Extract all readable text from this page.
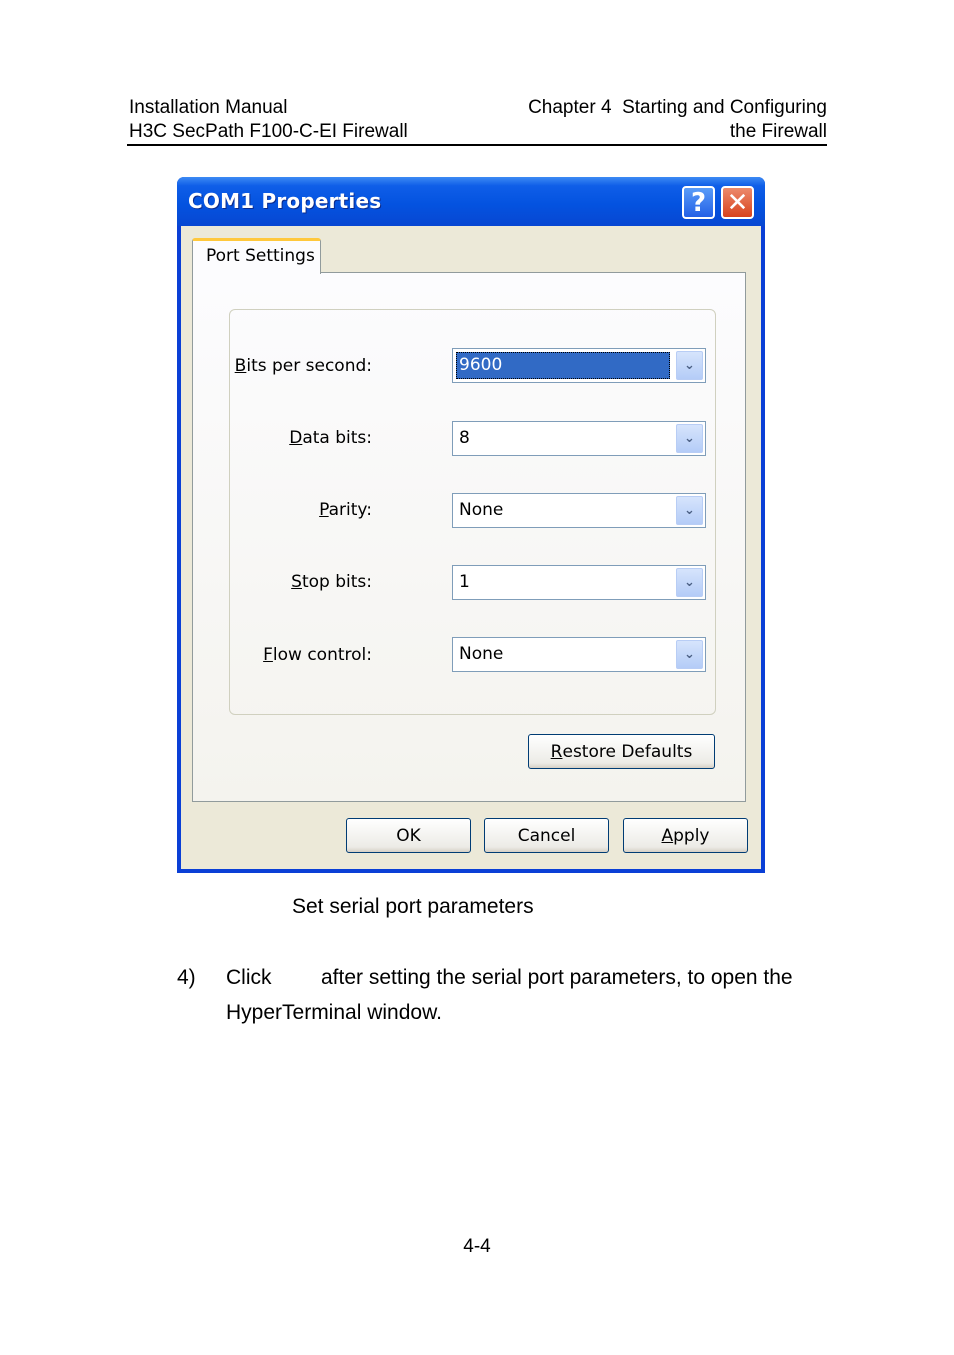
Installation Manual
H3C SecPath F100-C-EI Firewall
Chapter 4  Starting and Configuring
the Firewall
COM1 Properties	? ✕
Port Settings
Bits per second:	9600	⌄
Data bits:	8	⌄
Parity:	None	⌄
Stop bits:	1	⌄
Flow control:	None	⌄
R estore Defaults
OK	Cancel	A pply
Set serial port parameters
4) Click after setting the serial port parameters, to open the
HyperTerminal window.
4-4
